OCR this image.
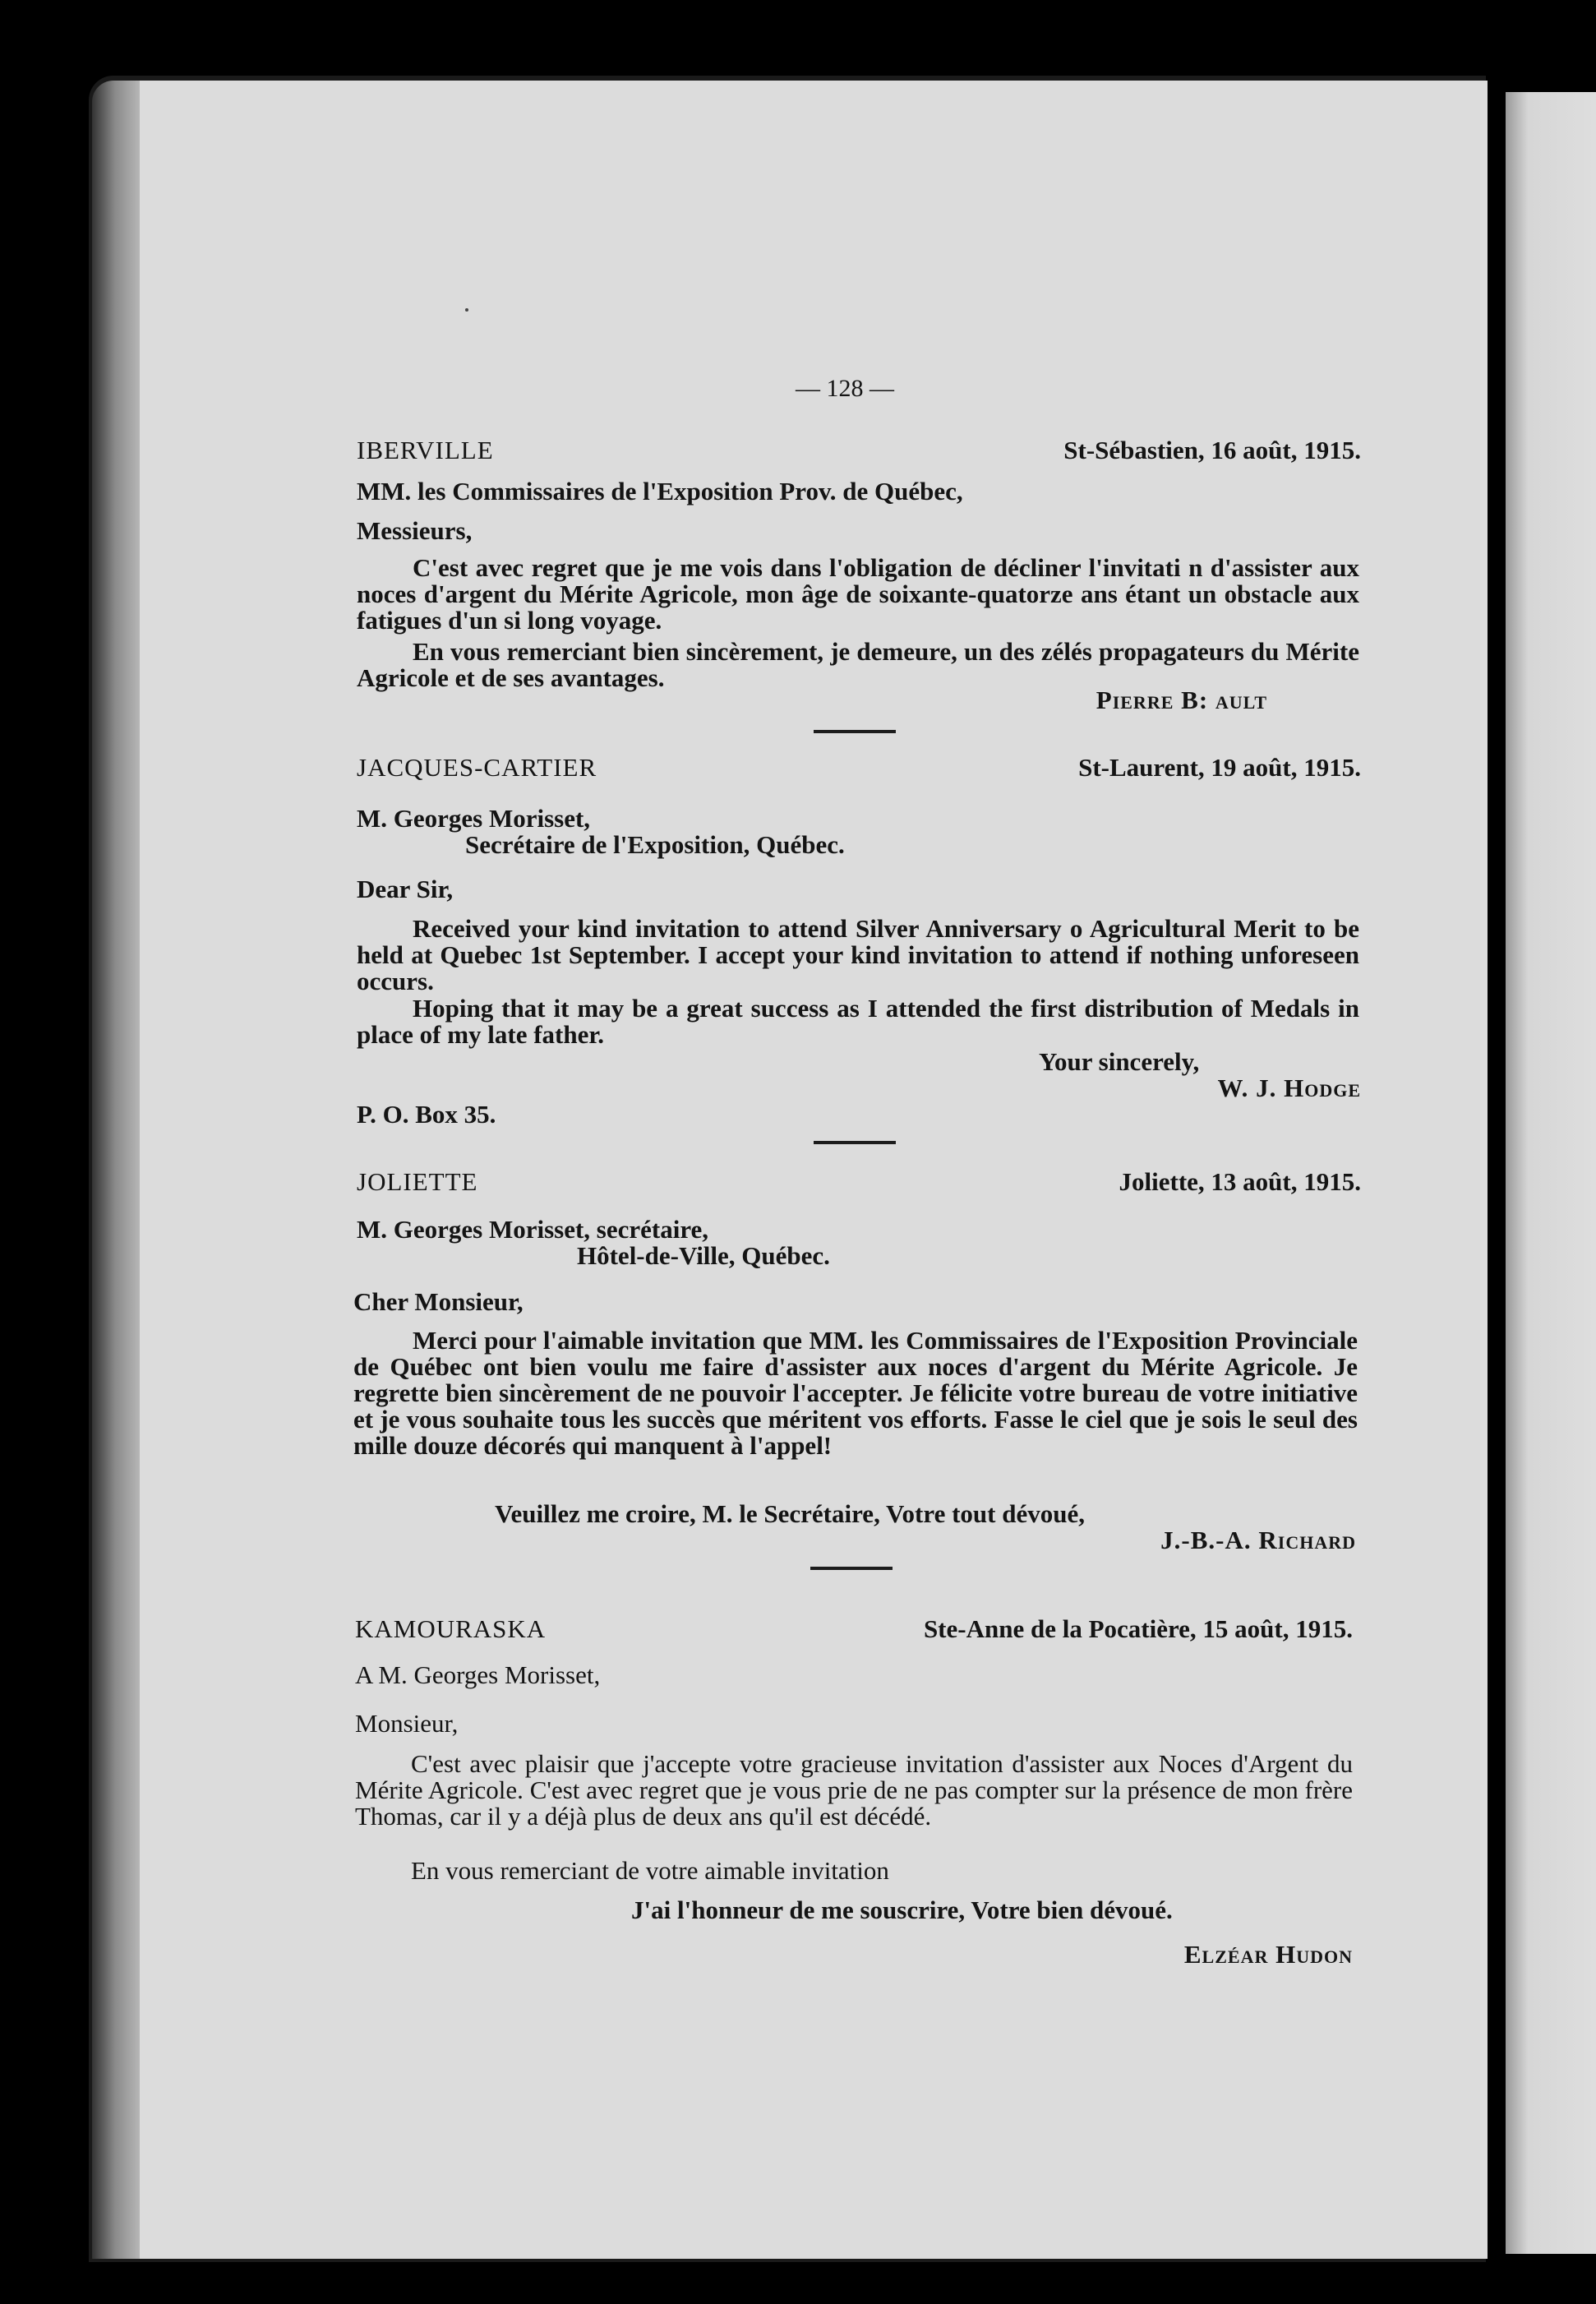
— 128 —
IBERVILLE	St-Sébastien, 16 août, 1915.
MM. les Commissaires de l'Exposition Prov. de Québec,
Messieurs,
C'est avec regret que je me vois dans l'obligation de décliner l'invitati ⁠n d'assister aux noces d'argent du Mérite Agricole, mon âge de soixante-quatorze ans étant un obstacle aux fatigues d'un si long voyage.
En vous remerciant bien sincèrement, je demeure, un des zélés propagateurs du Mérite Agricole et de ses avantages.
Pierre B: ault
JACQUES-CARTIER	St-Laurent, 19 août, 1915.
M. Georges Morisset,
Secrétaire de l'Exposition, Québec.
Dear Sir,
Received your kind invitation to attend Silver Anniversary o Agricultural Merit to be held at Quebec 1st September. I accept your kind invitation to attend if nothing unforeseen occurs.
Hoping that it may be a great success as I attended the first distribution of Medals in place of my late father.
Your sincerely,
W. J. Hodge
P. O. Box 35.
JOLIETTE	Joliette, 13 août, 1915.
M. Georges Morisset, secrétaire,
Hôtel-de-Ville, Québec.
Cher Monsieur,
Merci pour l'aimable invitation que MM. les Commissaires de l'Exposition Provinciale de Québec ont bien voulu me faire d'assister aux noces d'argent du Mérite Agricole. Je regrette bien sincèrement de ne pouvoir l'accepter. Je félicite votre bureau de votre initiative et je vous souhaite tous les succès que méritent vos efforts. Fasse le ciel que je sois le seul des mille douze décorés qui manquent à l'appel!
Veuillez me croire, M. le Secrétaire, Votre tout dévoué,
J.-B.-A. Richard
KAMOURASKA	Ste-Anne de la Pocatière, 15 août, 1915.
A M. Georges Morisset,
Monsieur,
C'est avec plaisir que j'accepte votre gracieuse invitation d'assister aux Noces d'Argent du Mérite Agricole. C'est avec regret que je vous prie de ne pas compter sur la présence de mon frère Thomas, car il y a déjà plus de deux ans qu'il est décédé.
En vous remerciant de votre aimable invitation
J'ai l'honneur de me souscrire, Votre bien dévoué.
Elzéar Hudon
